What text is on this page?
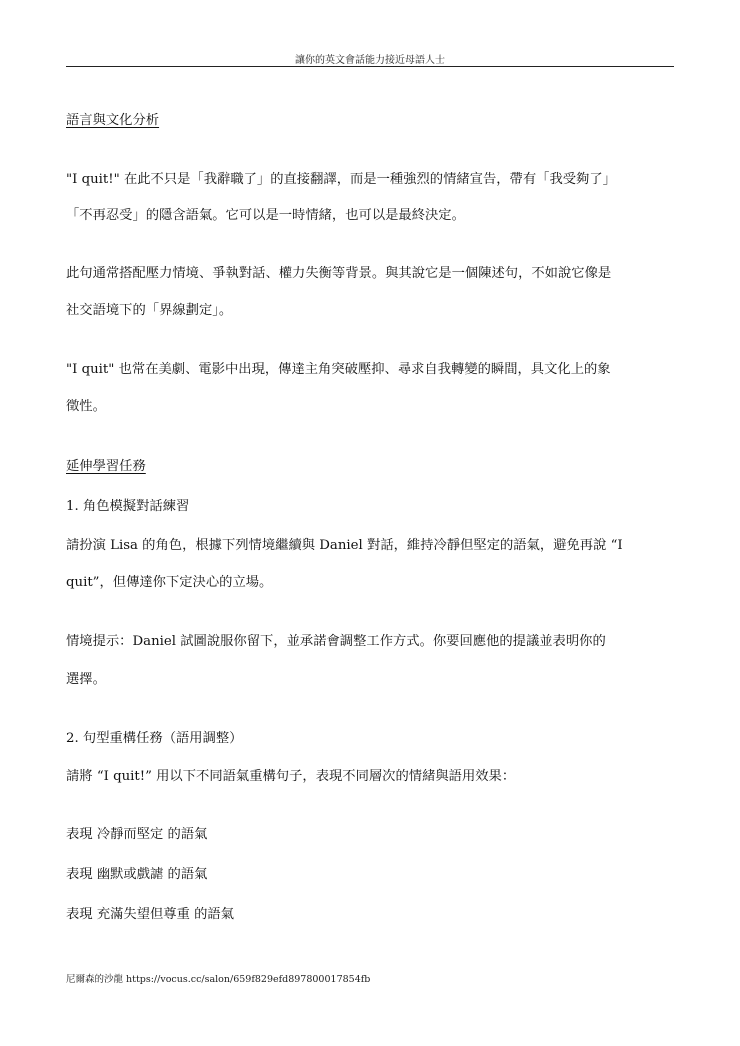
讓你的英文會話能力接近母語人士
語言與文化分析
"I quit!" 在此不只是「我辭職了」的直接翻譯，而是一種強烈的情緒宣告，帶有「我受夠了」
「不再忍受」的隱含語氣。它可以是一時情緒，也可以是最終決定。
此句通常搭配壓力情境、爭執對話、權力失衡等背景。與其說它是一個陳述句，不如說它像是
社交語境下的「界線劃定」。
"I quit" 也常在美劇、電影中出現，傳達主角突破壓抑、尋求自我轉變的瞬間，具文化上的象
徵性。
延伸學習任務
1. 角色模擬對話練習
請扮演 Lisa 的角色，根據下列情境繼續與 Daniel 對話，維持冷靜但堅定的語氣，避免再說 “I
quit”，但傳達你下定決心的立場。
情境提示：Daniel 試圖說服你留下，並承諾會調整工作方式。你要回應他的提議並表明你的
選擇。
2. 句型重構任務（語用調整）
請將 “I quit!” 用以下不同語氣重構句子，表現不同層次的情緒與語用效果：
表現 冷靜而堅定 的語氣
表現 幽默或戲謔 的語氣
表現 充滿失望但尊重 的語氣
尼爾森的沙龍 https://vocus.cc/salon/659f829efd897800017854fb
